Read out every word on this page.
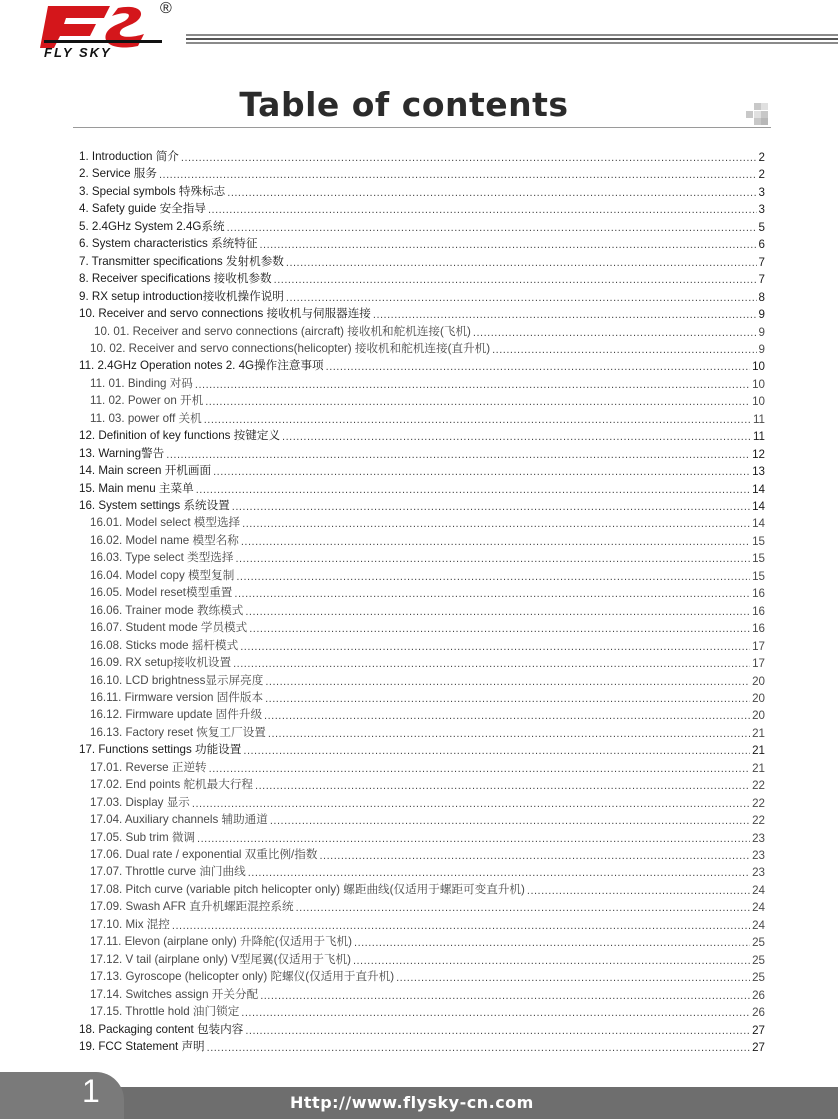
FLY SKY
®
Table of contents
1. Introduction 简介 .....	2
2. Service 服务 .....	2
3. Special symbols 特殊标志 .....	3
4. Safety guide 安全指导 .....	3
5. 2.4GHz System 2.4G系统 .....	5
6. System characteristics 系统特征 .....	6
7. Transmitter specifications 发射机参数 .....	7
8. Receiver specifications 接收机参数 .....	7
9. RX setup introduction接收机操作说明 .....	8
10. Receiver and servo connections 接收机与伺服器连接 .....	9
10. 01. Receiver and servo connections (aircraft) 接收机和舵机连接(飞机) .....	9
10. 02. Receiver and servo connections(helicopter) 接收机和舵机连接(直升机) .....	9
11. 2.4GHz Operation notes 2. 4G操作注意事项 .....	10
11. 01. Binding 对码 .....	10
11. 02. Power on 开机 .....	10
11. 03. power off 关机 .....	11
12. Definition of key functions 按键定义 .....	11
13. Warning警告 .....	12
14. Main screen 开机画面 .....	13
15. Main menu 主菜单 .....	14
16. System settings 系统设置 .....	14
16.01. Model select 模型选择 .....	14
16.02. Model name 模型名称 .....	15
16.03. Type select 类型选择 .....	15
16.04. Model copy 模型复制 .....	15
16.05. Model reset模型重置 .....	16
16.06. Trainer mode 教练模式 .....	16
16.07. Student mode 学员模式 .....	16
16.08. Sticks mode 摇杆模式 .....	17
16.09. RX setup接收机设置 .....	17
16.10. LCD brightness显示屏亮度 .....	20
16.11. Firmware version 固件版本 .....	20
16.12. Firmware update 固件升级 .....	20
16.13. Factory reset 恢复工厂设置 .....	21
17. Functions settings 功能设置 .....	21
17.01. Reverse 正逆转 .....	21
17.02. End points 舵机最大行程 .....	22
17.03. Display 显示 .....	22
17.04. Auxiliary channels 辅助通道 .....	22
17.05. Sub trim 微调 .....	23
17.06. Dual rate / exponential 双重比例/指数 .....	23
17.07. Throttle curve 油门曲线 .....	23
17.08. Pitch curve (variable pitch helicopter only) 螺距曲线(仅适用于螺距可变直升机) .....	24
17.09. Swash AFR 直升机螺距混控系统 .....	24
17.10. Mix 混控 .....	24
17.11. Elevon (airplane only) 升降舵(仅适用于飞机) .....	25
17.12. V tail (airplane only) V型尾翼(仅适用于飞机) .....	25
17.13. Gyroscope (helicopter only) 陀螺仪(仅适用于直升机) .....	25
17.14. Switches assign 开关分配 .....	26
17.15. Throttle hold 油门锁定 .....	26
18. Packaging content 包装内容 .....	27
19. FCC Statement 声明 .....	27
1	Http://www.flysky-cn.com
